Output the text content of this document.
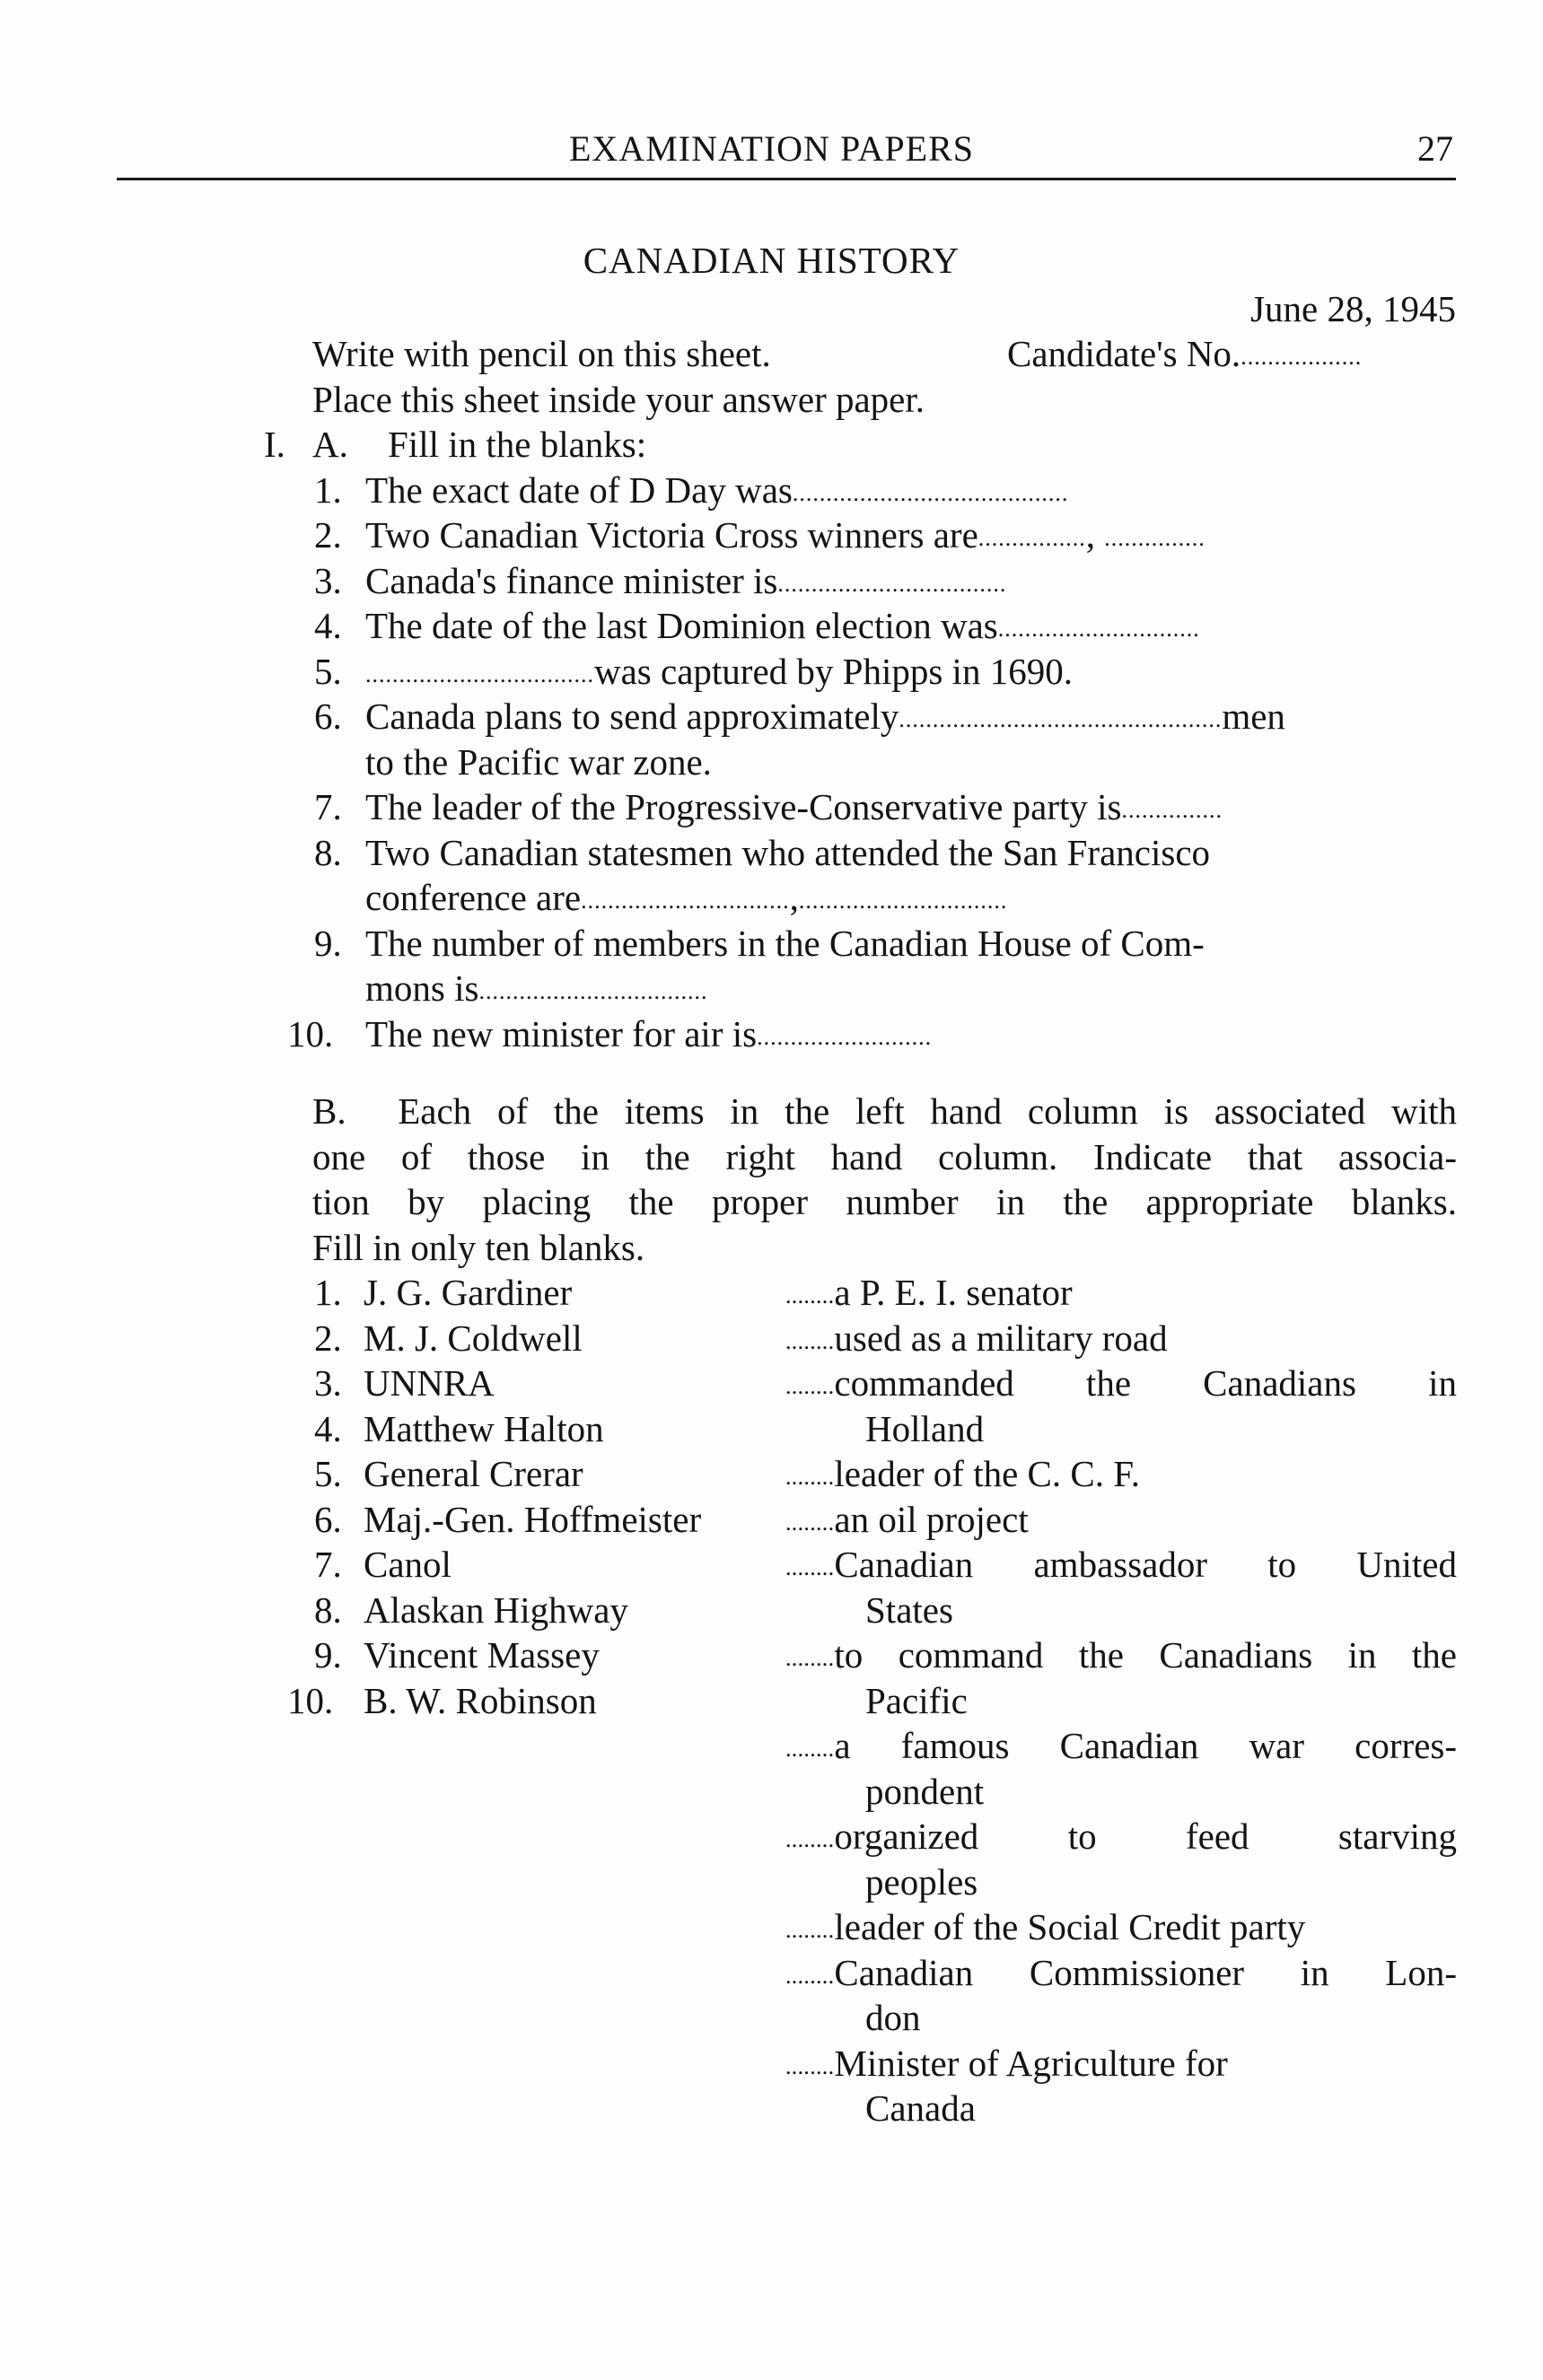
EXAMINATION PAPERS	27
CANADIAN HISTORY
June 28, 1945
Write with pencil on this sheet.	Candidate's No...................
Place this sheet inside your answer paper.
I. A. Fill in the blanks:
1. The exact date of D Day was.........................................
2. Two Canadian Victoria Cross winners are................, ...............
3. Canada's finance minister is..................................
4. The date of the last Dominion election was..............................
5. ..................................was captured by Phipps in 1690.
6. Canada plans to send approximately................................................men
to the Pacific war zone.
7. The leader of the Progressive-Conservative party is...............
8. Two Canadian statesmen who attended the San Francisco
conference are...............................,...............................
9. The number of members in the Canadian House of Com-
mons is..................................
10. The new minister for air is..........................
B. Each of the items in the left hand column is associated with
one of those in the right hand column. Indicate that associa-
tion by placing the proper number in the appropriate blanks.
Fill in only ten blanks.
1. J. G. Gardiner
2. M. J. Coldwell
3. UNNRA
4. Matthew Halton
5. General Crerar
6. Maj.-Gen. Hoffmeister
7. Canol
8. Alaskan Highway
9. Vincent Massey
10. B. W. Robinson
........a P. E. I. senator
........used as a military road
........commanded the Canadians in
Holland
........leader of the C. C. F.
........an oil project
........Canadian ambassador to United
States
........to command the Canadians in the
Pacific
........a famous Canadian war corres-
pondent
........organized to feed starving
peoples
........leader of the Social Credit party
........Canadian Commissioner in Lon-
don
........Minister of Agriculture for
Canada
